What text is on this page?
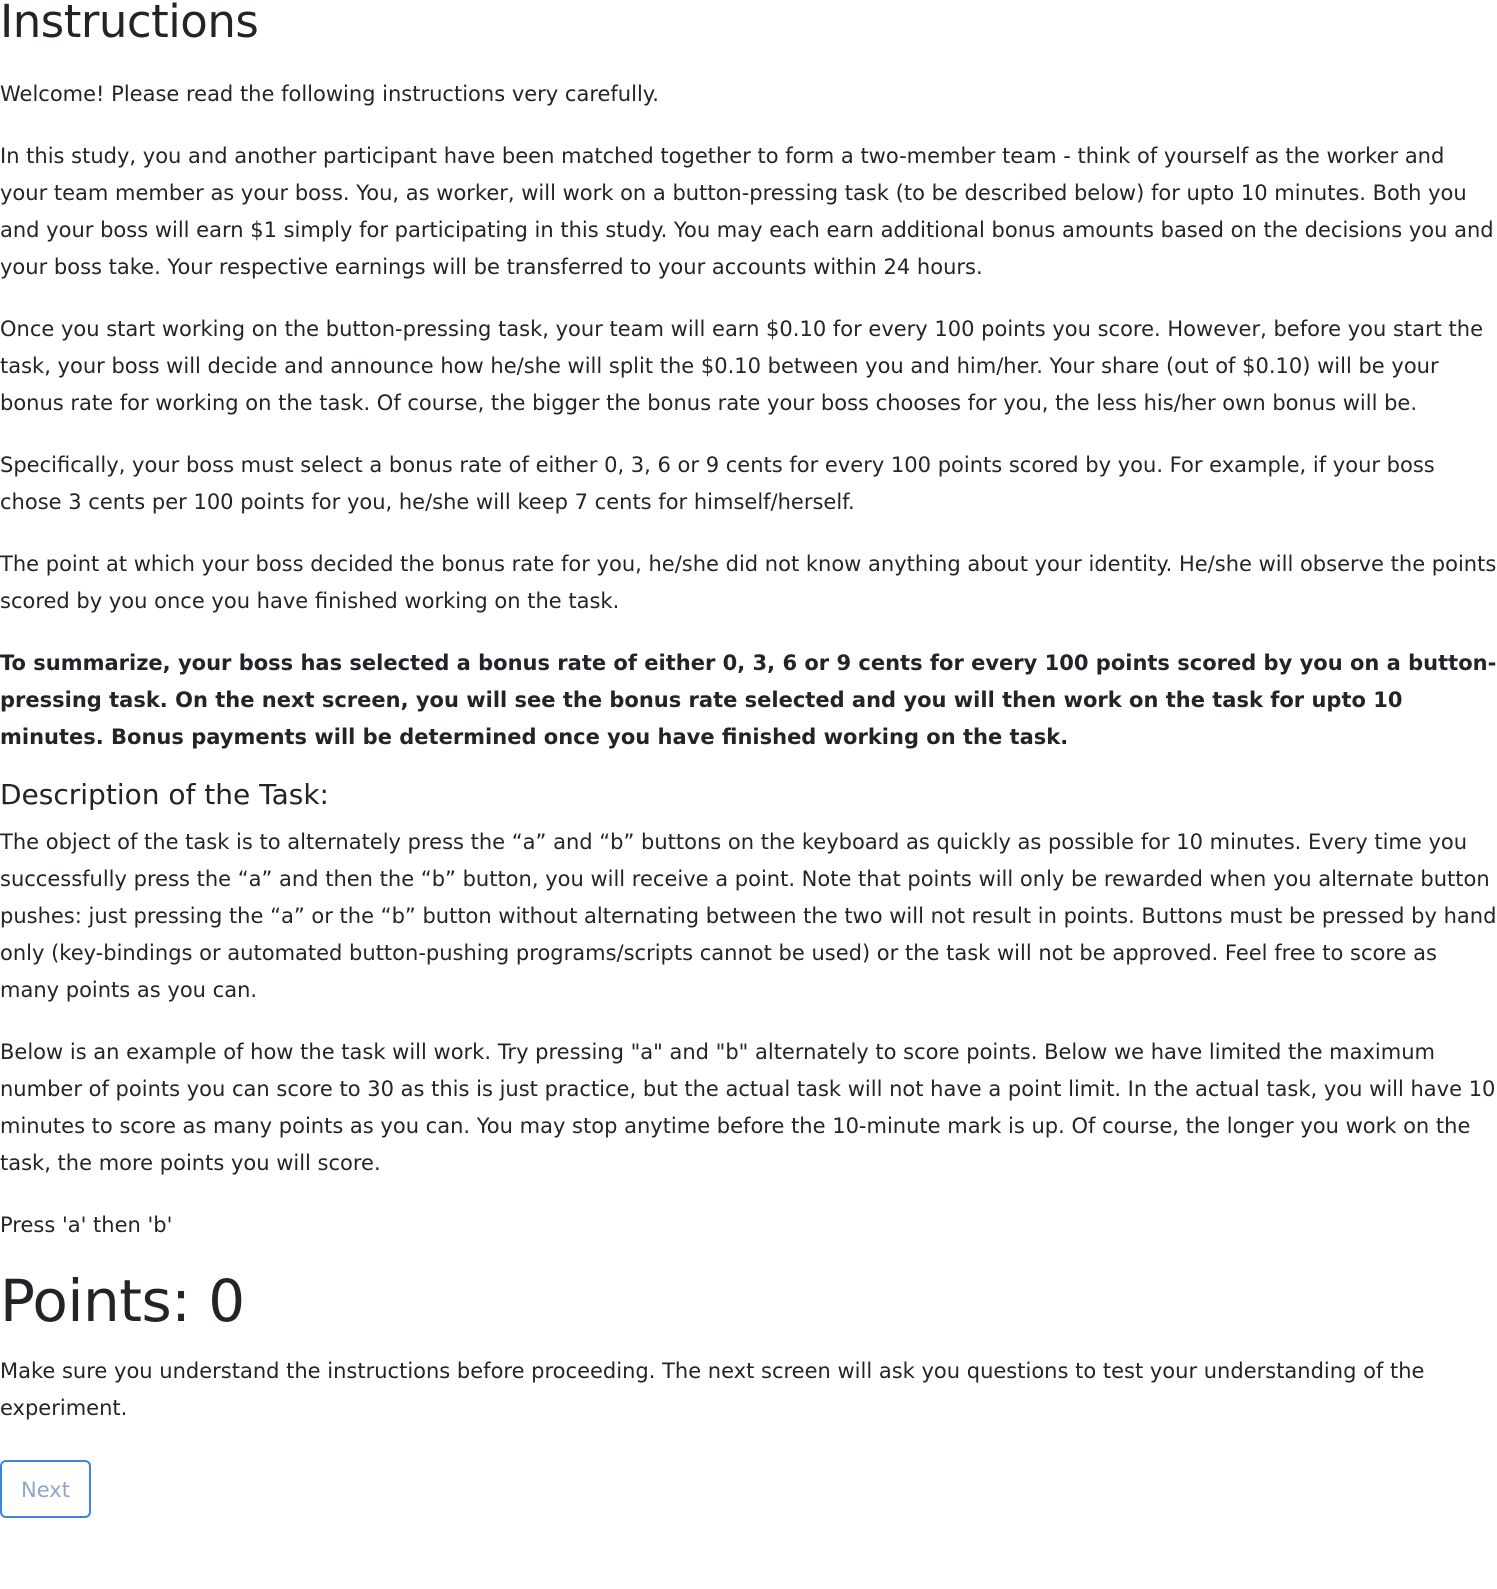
Instructions

Welcome! Please read the following instructions very carefully.

In this study, you and another participant have been matched together to form a two-member team - think of yourself as the worker and your team member as your boss. You, as worker, will work on a button-pressing task (to be described below) for upto 10 minutes. Both you and your boss will earn $1 simply for participating in this study. You may each earn additional bonus amounts based on the decisions you and your boss take. Your respective earnings will be transferred to your accounts within 24 hours.

Once you start working on the button-pressing task, your team will earn $0.10 for every 100 points you score. However, before you start the task, your boss will decide and announce how he/she will split the $0.10 between you and him/her. Your share (out of $0.10) will be your bonus rate for working on the task. Of course, the bigger the bonus rate your boss chooses for you, the less his/her own bonus will be.

Specifically, your boss must select a bonus rate of either 0, 3, 6 or 9 cents for every 100 points scored by you. For example, if your boss chose 3 cents per 100 points for you, he/she will keep 7 cents for himself/herself.

The point at which your boss decided the bonus rate for you, he/she did not know anything about your identity. He/she will observe the points scored by you once you have finished working on the task.

To summarize, your boss has selected a bonus rate of either 0, 3, 6 or 9 cents for every 100 points scored by you on a button-pressing task. On the next screen, you will see the bonus rate selected and you will then work on the task for upto 10 minutes. Bonus payments will be determined once you have finished working on the task.

Description of the Task:

The object of the task is to alternately press the “a” and “b” buttons on the keyboard as quickly as possible for 10 minutes. Every time you successfully press the “a” and then the “b” button, you will receive a point. Note that points will only be rewarded when you alternate button pushes: just pressing the “a” or the “b” button without alternating between the two will not result in points. Buttons must be pressed by hand only (key-bindings or automated button-pushing programs/scripts cannot be used) or the task will not be approved. Feel free to score as many points as you can.

Below is an example of how the task will work. Try pressing "a" and "b" alternately to score points. Below we have limited the maximum number of points you can score to 30 as this is just practice, but the actual task will not have a point limit. In the actual task, you will have 10 minutes to score as many points as you can. You may stop anytime before the 10-minute mark is up. Of course, the longer you work on the task, the more points you will score.

Press 'a' then 'b'

Points: 0

Make sure you understand the instructions before proceeding. The next screen will ask you questions to test your understanding of the experiment.

Next
